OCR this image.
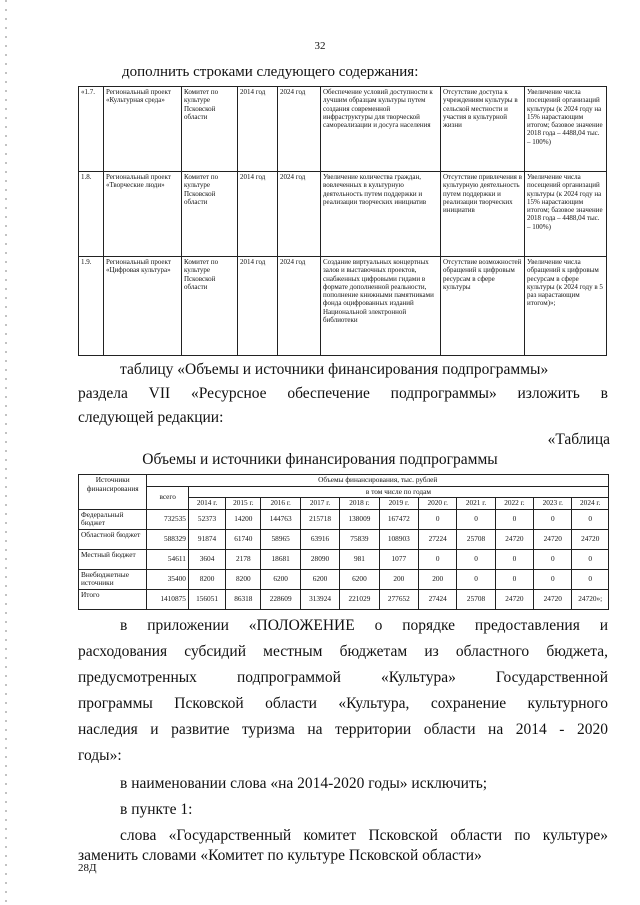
32
дополнить строками следующего содержания:
«1.7.	Региональный проект «Культурная среда»	Комитет по культуре Псковской области	2014 год	2024 год	Обеспечение условий доступности к лучшим образцам культуры путем создания современной инфраструктуры для творческой самореализации и досуга населения	Отсутствие доступа к учреждениям культуры в сельской местности и участия в культурной жизни	Увеличение числа посещений организаций культуры (к 2024 году на 15% нарастающим итогом; базовое значение 2018 года – 4488,04 тыс. – 100%)
1.8.	Региональный проект «Творческие люди»	Комитет по культуре Псковской области	2014 год	2024 год	Увеличение количества граждан, вовлеченных в культурную деятельность путем поддержки и реализации творческих инициатив	Отсутствие привлечения в культурную деятельность путем поддержки и реализации творческих инициатив	Увеличение числа посещений организаций культуры (к 2024 году на 15% нарастающим итогом; базовое значение 2018 года – 4488,04 тыс. – 100%)
1.9.	Региональный проект «Цифровая культура»	Комитет по культуре Псковской области	2014 год	2024 год	Создание виртуальных концертных залов и выставочных проектов, снабженных цифровыми гидами в формате дополненной реальности, пополнение книжными памятниками фонда оцифрованных изданий Национальной электронной библиотеки	Отсутствие возможностей обращений к цифровым ресурсам в сфере культуры	Увеличение числа обращений к цифровым ресурсам в сфере культуры (к 2024 году в 5 раз нарастающим итогом)»;
таблицу «Объемы и источники финансирования подпрограммы»
раздела VII «Ресурсное обеспечение подпрограммы» изложить в
следующей редакции:
«Таблица
Объемы и источники финансирования подпрограммы
Источники финансирования	Объемы финансирования, тыс. рублей											
	всего	в том числе по годам										
		2014 г.	2015 г.	2016 г.	2017 г.	2018 г.	2019 г.	2020 г.	2021 г.	2022 г.	2023 г.	2024 г.
Федеральный бюджет	732535	52373	14200	144763	215718	138009	167472	0	0	0	0	0
Областной бюджет	588329	91874	61740	58965	63916	75839	108903	27224	25708	24720	24720	24720
Местный бюджет	54611	3604	2178	18681	28090	981	1077	0	0	0	0	0
Внебюджетные источники	35400	8200	8200	6200	6200	6200	200	200	0	0	0	0
Итого	1410875	156051	86318	228609	313924	221029	277652	27424	25708	24720	24720	24720»;
в приложении «ПОЛОЖЕНИЕ о порядке предоставления и
расходования субсидий местным бюджетам из областного бюджета,
предусмотренных подпрограммой «Культура» Государственной
программы Псковской области «Культура, сохранение культурного
наследия и развитие туризма на территории области на 2014 - 2020
годы»:
в наименовании слова «на 2014-2020 годы» исключить;
в пункте 1:
слова «Государственный комитет Псковской области по культуре»
заменить словами «Комитет по культуре Псковской области»
28Д
